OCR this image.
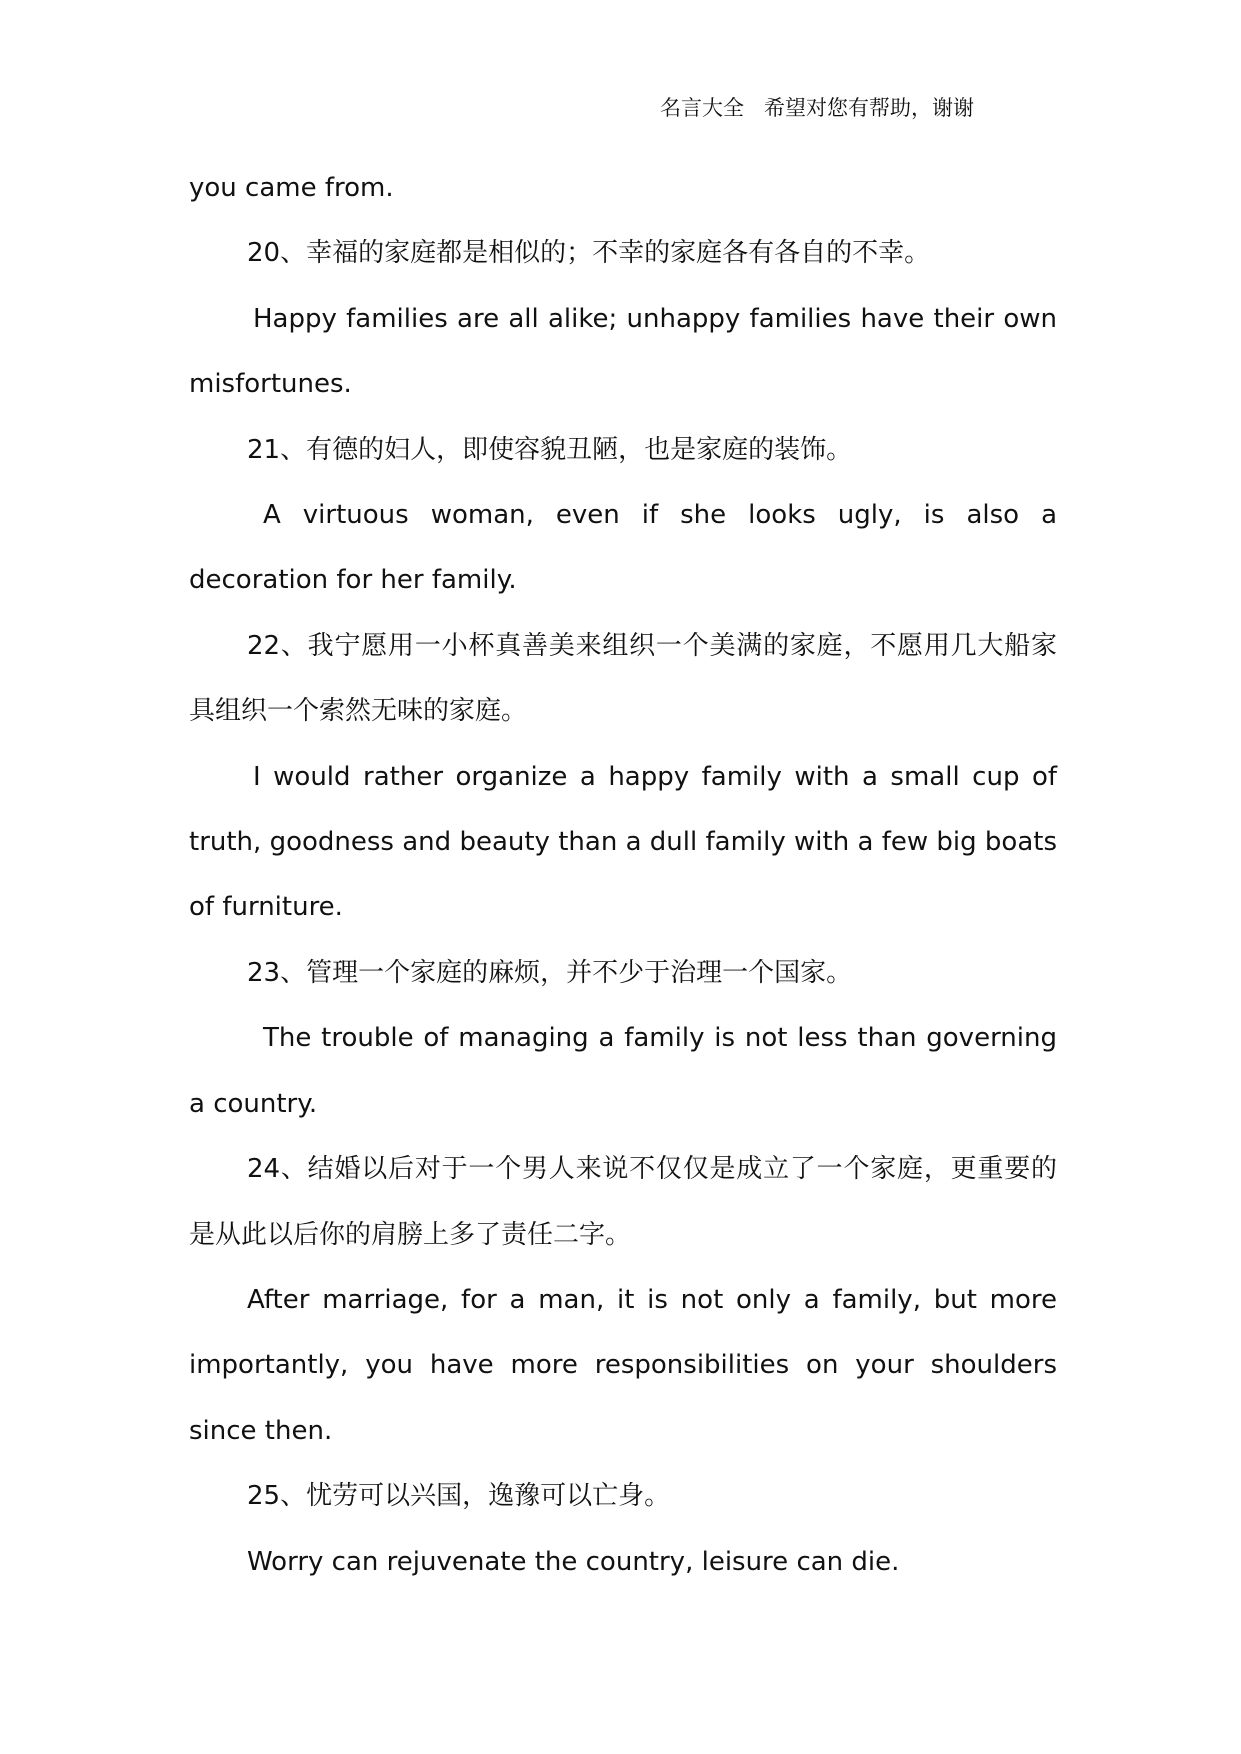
名言大全 希望对您有帮助，谢谢

you came from.

20、幸福的家庭都是相似的；不幸的家庭各有各自的不幸。

Happy families are all alike; unhappy families have their own misfortunes.

21、有德的妇人，即使容貌丑陋，也是家庭的装饰。

A virtuous woman, even if she looks ugly, is also a decoration for her family.

22、我宁愿用一小杯真善美来组织一个美满的家庭，不愿用几大船家具组织一个索然无味的家庭。

I would rather organize a happy family with a small cup of truth, goodness and beauty than a dull family with a few big boats of furniture.

23、管理一个家庭的麻烦，并不少于治理一个国家。

The trouble of managing a family is not less than governing a country.

24、结婚以后对于一个男人来说不仅仅是成立了一个家庭，更重要的是从此以后你的肩膀上多了责任二字。

After marriage, for a man, it is not only a family, but more importantly, you have more responsibilities on your shoulders since then.

25、忧劳可以兴国，逸豫可以亡身。

Worry can rejuvenate the country, leisure can die.
